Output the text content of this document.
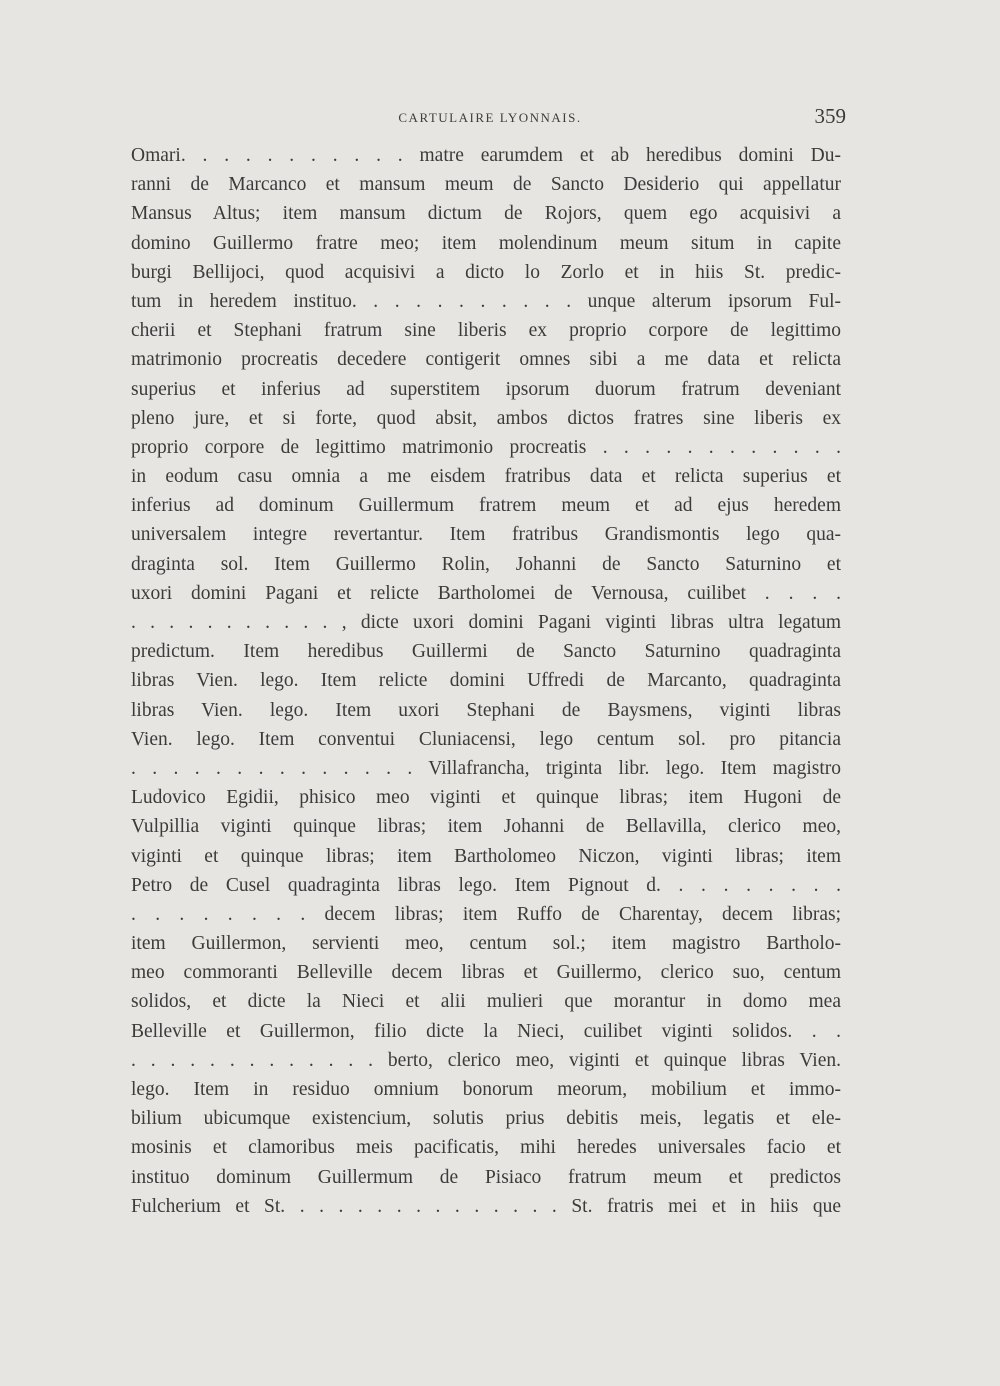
CARTULAIRE LYONNAIS.	359
Omari. . . . . . . . . . . matre earumdem et ab heredibus domini Du-
ranni de Marcanco et mansum meum de Sancto Desiderio qui appellatur
Mansus Altus; item mansum dictum de Rojors, quem ego acquisivi a
domino Guillermo fratre meo; item molendinum meum situm in capite
burgi Bellijoci, quod acquisivi a dicto lo Zorlo et in hiis St. predic-
tum in heredem instituo. . . . . . . . . . . unque alterum ipsorum Ful-
cherii et Stephani fratrum sine liberis ex proprio corpore de legittimo
matrimonio procreatis decedere contigerit omnes sibi a me data et relicta
superius et inferius ad superstitem ipsorum duorum fratrum deveniant
pleno jure, et si forte, quod absit, ambos dictos fratres sine liberis ex
proprio corpore de legittimo matrimonio procreatis . . . . . . . . . . . .
in eodum casu omnia a me eisdem fratribus data et relicta superius et
inferius ad dominum Guillermum fratrem meum et ad ejus heredem
universalem integre revertantur. Item fratribus Grandismontis lego qua-
draginta sol. Item Guillermo Rolin, Johanni de Sancto Saturnino et
uxori domini Pagani et relicte Bartholomei de Vernousa, cuilibet . . . .
. . . . . . . . . . . , dicte uxori domini Pagani viginti libras ultra legatum
predictum. Item heredibus Guillermi de Sancto Saturnino quadraginta
libras Vien. lego. Item relicte domini Uffredi de Marcanto, quadraginta
libras Vien. lego. Item uxori Stephani de Baysmens, viginti libras
Vien. lego. Item conventui Cluniacensi, lego centum sol. pro pitancia
. . . . . . . . . . . . . . Villafrancha, triginta libr. lego. Item magistro
Ludovico Egidii, phisico meo viginti et quinque libras; item Hugoni de
Vulpillia viginti quinque libras; item Johanni de Bellavilla, clerico meo,
viginti et quinque libras; item Bartholomeo Niczon, viginti libras; item
Petro de Cusel quadraginta libras lego. Item Pignout d. . . . . . . . .
. . . . . . . . decem libras; item Ruffo de Charentay, decem libras;
item Guillermon, servienti meo, centum sol.; item magistro Bartholo-
meo commoranti Belleville decem libras et Guillermo, clerico suo, centum
solidos, et dicte la Nieci et alii mulieri que morantur in domo mea
Belleville et Guillermon, filio dicte la Nieci, cuilibet viginti solidos. . .
. . . . . . . . . . . . . berto, clerico meo, viginti et quinque libras Vien.
lego. Item in residuo omnium bonorum meorum, mobilium et immo-
bilium ubicumque existencium, solutis prius debitis meis, legatis et ele-
mosinis et clamoribus meis pacificatis, mihi heredes universales facio et
instituo dominum Guillermum de Pisiaco fratrum meum et predictos
Fulcherium et St. . . . . . . . . . . . . . . St. fratris mei et in hiis que
